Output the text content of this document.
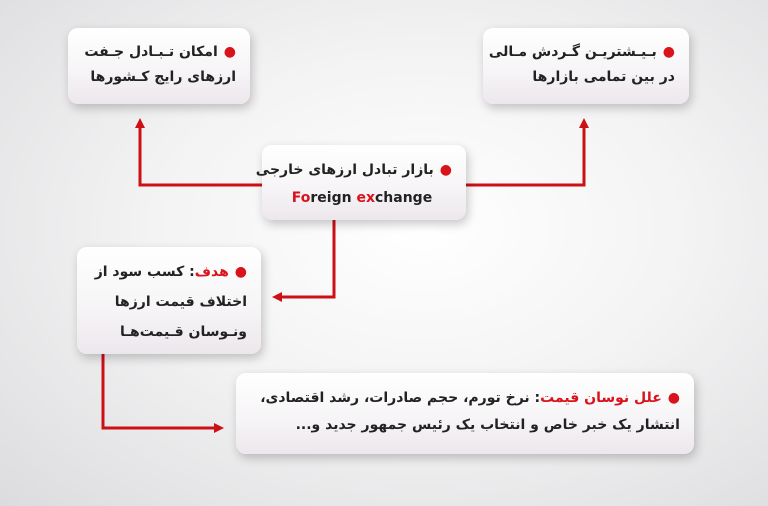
●امکان تـبـادل جـفت
ارزهای رایج کـشورها
●بـیـشتریـن گـردش مـالی
در بین تمامی بازارها
●بازار تبادل ارزهای خارجی
Foreign exchange
●هدف: کسب سود از
اختلاف قیمت ارزها
ونـوسان قـیمت‌هـا
●علل نوسان قیمت: نرخ تورم، حجم صادرات، رشد اقتصادی،
انتشار یک خبر خاص و انتخاب یک رئیس جمهور جدید و...
